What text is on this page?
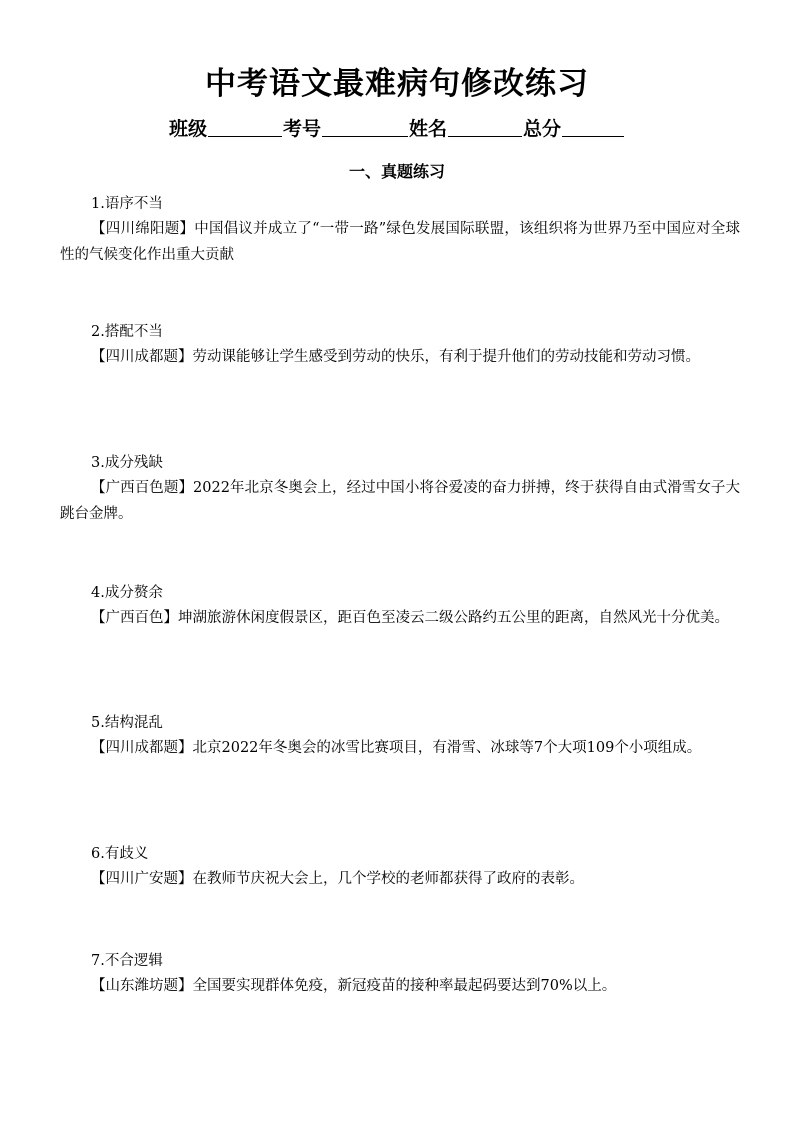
中考语文最难病句修改练习
班级	考号	姓名	总分
一、真题练习
1.语序不当

【四川绵阳题】中国倡议并成立了“一带一路”绿色发展国际联盟，该组织将为世界乃至中国应对全球性的气候变化作出重大贡献

2.搭配不当

【四川成都题】劳动课能够让学生感受到劳动的快乐，有利于提升他们的劳动技能和劳动习惯。

3.成分残缺

【广西百色题】2022年北京冬奥会上，经过中国小将谷爱凌的奋力拼搏，终于获得自由式滑雪女子大跳台金牌。

4.成分赘余

【广西百色】坤湖旅游休闲度假景区，距百色至凌云二级公路约五公里的距离，自然风光十分优美。

5.结构混乱

【四川成都题】北京2022年冬奥会的冰雪比赛项目，有滑雪、冰球等7个大项109个小项组成。

6.有歧义

【四川广安题】在教师节庆祝大会上，几个学校的老师都获得了政府的表彰。

7.不合逻辑

【山东潍坊题】全国要实现群体免疫，新冠疫苗的接种率最起码要达到70%以上。
